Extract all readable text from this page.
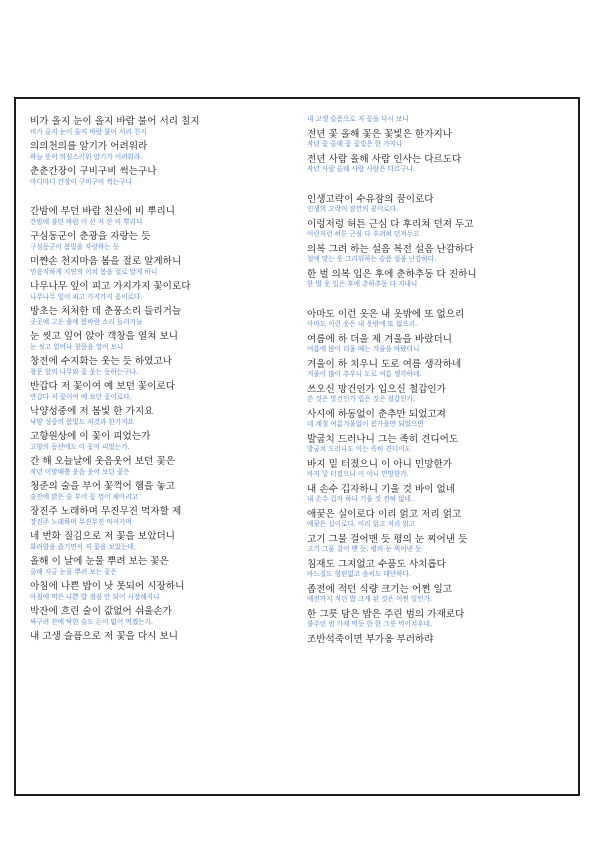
비가 올지 눈이 올지 바람 불어 서리 칠지
비가 올지 눈이 올지 바람 불어 서리 친지
의의천의를 알기가 어려워라
하늘 뜻이 의심스러워 알기가 어려워라.
춘춘간장이 구비구비 썩는구나
마디마디 간장이 구비구비 썩는구나
간밤에 부던 바람 천산에 비 뿌리니
간밤에 불던 바람 이 산 저 산 비 뿌리니
구심동군이 춘광을 자랑는 듯
구심동군이 봄빛을 자랑하는 듯
미쨘손 천지마음 봄을 절로 알게하니
믿음직하게 지연의 이치 봄을 절로 알게 하니
나무나무 잎이 피고 가지가지 꽃이로다
나무나무 잎이 피고 가지가지 꽃이로다.
방초는 처처한 데 춘풍소리 들리거늘
곳곳에 고운 풀에 봄바람 소리 들리거늘
눈 씻고 잎어 앉아 객창을 열쳐 보니
눈 씻고 일어나 창문을 열어 보니
창전에 수지화는 웃는 듯 하였고나
창문 앞의 나무와 꽃 웃는 듯하는구나.
반갑다 저 꽃이여 예 보던 꽃이로다
반갑다 저 꽃이여 예 보던 꽃이로다.
낙양성중에 저 봄빛 한 가지요
낙양 성중의 봄빛도 저것과 한가지요
고향원상에 이 꽃이 피었는가
고향의 동산에도 이 꽃이 피었는가.
간 해 오늘날에 웃음웃어 보던 꽃은
작년 이맘때쯤 웃음 웃어 보던 꽃은
청준의 술을 부어 꽃꺽어 헴을 놓고
술잔에 맑은 술 부어 꽃 꺾어 헤아리고
장진주 노래하며 무진무진 먹자할 제
장진주 노래하며 무진무진 마셔가며
네 번화 질김으로 저 꽃을 보았더니
화려함을 즐기면서 저 꽃을 보았는데,
올해 이 날에 눈물 뿌려 보는 꽃은
올해 지금 눈물 뿌려 보는 꽃은
아침에 나쁜 밥이 낫 못되어 시장하니
아침에 먹은 나쁜 밥 점심 안 되어 시장해지니
박잔에 흐린 술이 값없어 쉬울손가
싸구려 잔에 탁한 술도 돈이 없어 먹겠는가.
내 고생 슬픔으로 저 꽃을 다시 보니
내 고생 슬픔으로 저 꽃을 다시 보니
전년 꽃 올해 꽃은 꽃빛은 한가지나
작년 꽃 올해 꽃 꽃빛은 한 가지나
전년 사람 올해 사람 인사는 다르도다
작년 사람 올해 사람 사람은 다르구나.
인생고락이 수유잠의 꿈이로다
인생의 고락이 잠깐의 꿈이로다.
이렁저렁 허튼 근심 다 후리쳐 던져 두고
이런저런 허튼 근심 다 후려쳐 던져두고
의복 그려 하는 설음 복전 설음 난감하다
철에 맞는 옷 그리워하는 슬픔 설움 난감하다.
한 벌 의복 입은 후에 춘하추동 다 진하니
한 벌 옷 입은 후에 춘하추동 다 지내니
아마도 이런 옷은 내 옷밖에 또 없으리
아마도 이런 옷은 내 옷밖에 또 없으리.
여름에 하 더울 제 겨울을 바랐더니
여름에 많이 더울 때는 겨울을 바랐더니
겨울이 하 치우니 도로 여름 생각하네
겨울이 많이 추우니 도로 여름 생각하네.
쓰오신 망건인가 입으신 철갑인가
쓴 것은 망건인가 입은 것은 철갑인가.
사시에 하동없이 춘추만 되었고져
네 계절 여름겨울없이 봄가을만 되었으면
발굽치 드러나니 그는 족히 견디어도
발굽치 드러나도 이는 족히 견디어도
바지 밑 터졌으니 이 아니 민망한가
바지 밑 터졌으니 이 아니 민망한가.
내 손수 깁자하니 기울 것 바이 없네
내 손수 깁자 하니 기울 것 전혀 없네.
애꿎은 실이로다 이리 얽고 저리 얽고
애꿎은 실이로다. 이리 얽고 저리 얽고
고기 그물 걸어맨 듯 평의 눈 찌어낸 듯
고기 그물 걸어 맨 듯. 평의 눈 찌어낸 듯
침재도 그지없고 수품도 사치롭다
바느질도 형편없고 솜씨도 대단하다.
좁전에 적던 식량 크기는 어쩐 일고
예전까지 적던 밥 크게 된 것은 어쩐 일인가.
한 그릇 담은 밥은 주린 범의 가재로다
불주린 범 가재 먹듯 한 한 그릇 먹어치우네.
조반석죽이면 부가옹 부러하랴
